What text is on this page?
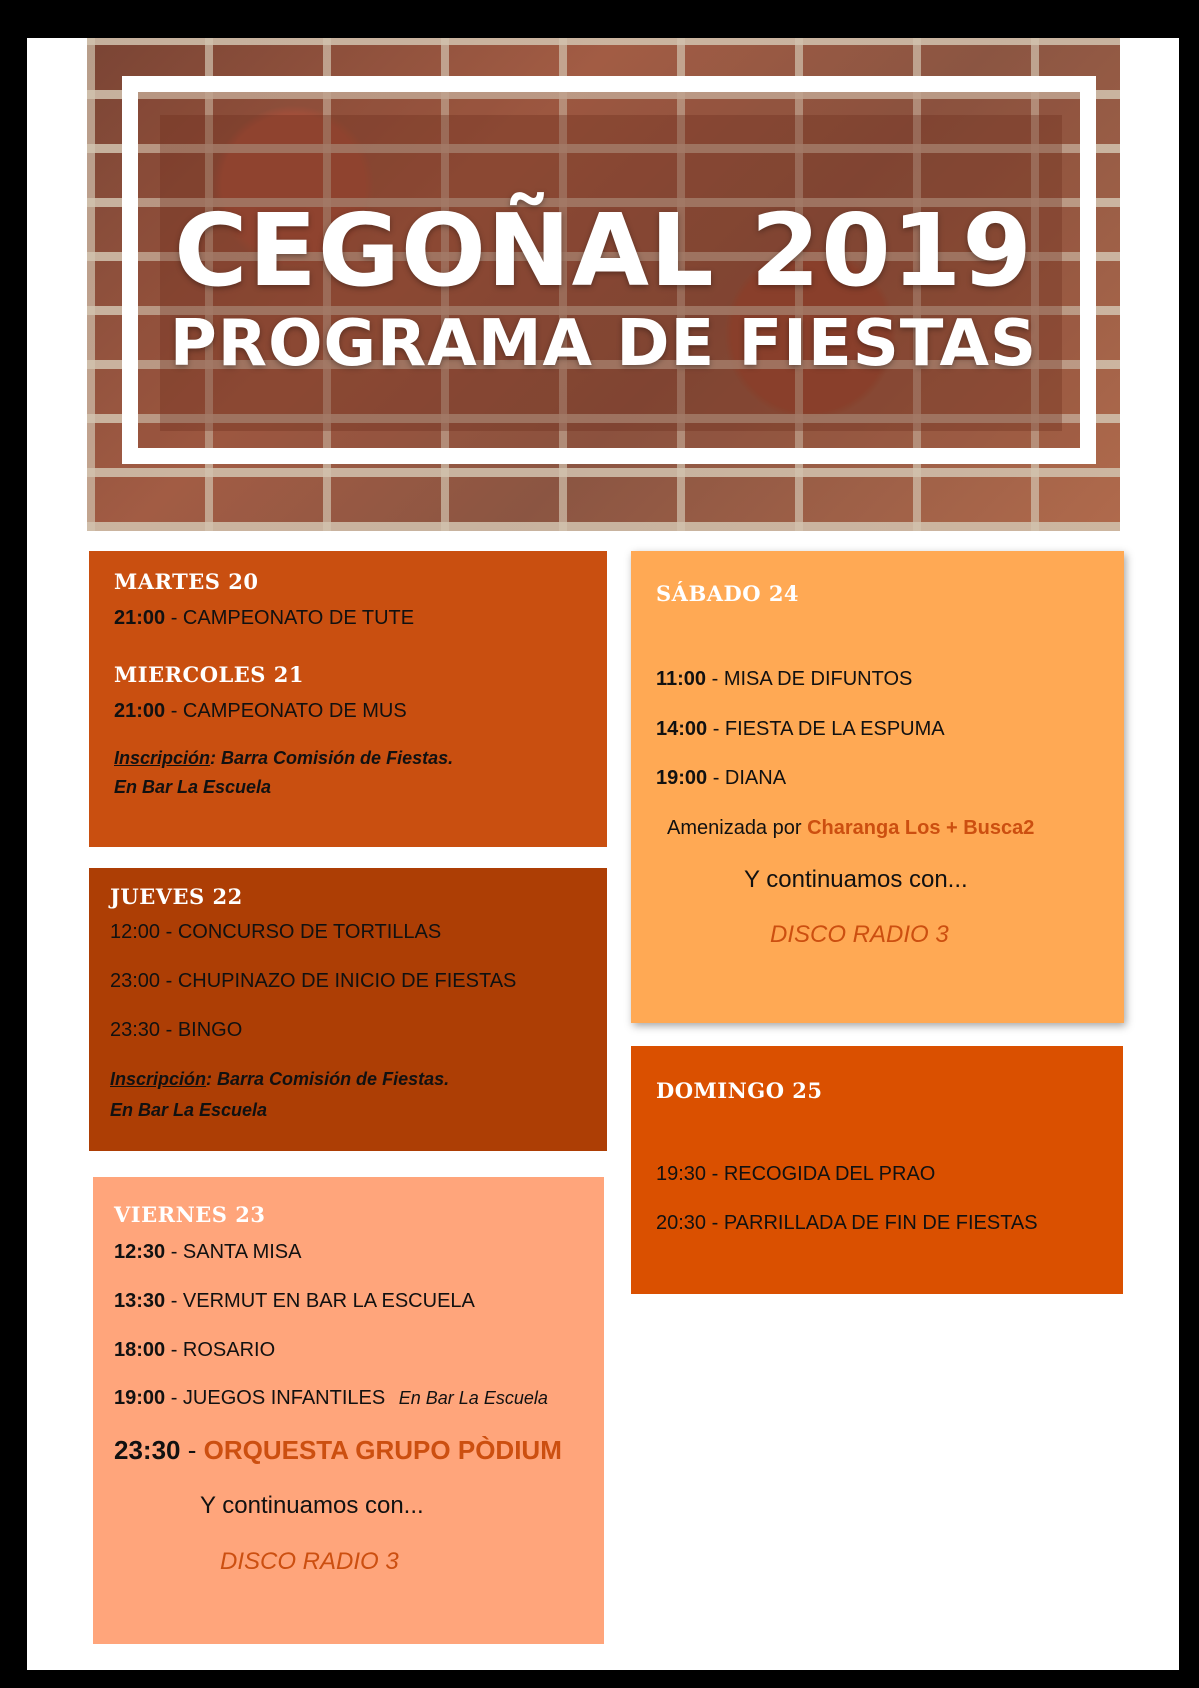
CEGOÑAL 2019
PROGRAMA DE FIESTAS
MARTES 20
21:00 - CAMPEONATO DE TUTE
MIERCOLES 21
21:00 - CAMPEONATO DE MUS
Inscripción: Barra Comisión de Fiestas.
En Bar La Escuela
JUEVES 22
12:00 - CONCURSO DE TORTILLAS
23:00 - CHUPINAZO DE INICIO DE FIESTAS
23:30 - BINGO
Inscripción: Barra Comisión de Fiestas.
En Bar La Escuela
VIERNES 23
12:30 - SANTA MISA
13:30 - VERMUT EN BAR LA ESCUELA
18:00 - ROSARIO
19:00 - JUEGOS INFANTILES En Bar La Escuela
23:30 - ORQUESTA GRUPO PÒDIUM
Y continuamos con...
DISCO RADIO 3
SÁBADO 24
11:00 - MISA DE DIFUNTOS
14:00 - FIESTA DE LA ESPUMA
19:00 - DIANA
Amenizada por Charanga Los + Busca2
Y continuamos con...
DISCO RADIO 3
DOMINGO 25
19:30 - RECOGIDA DEL PRAO
20:30 - PARRILLADA DE FIN DE FIESTAS
